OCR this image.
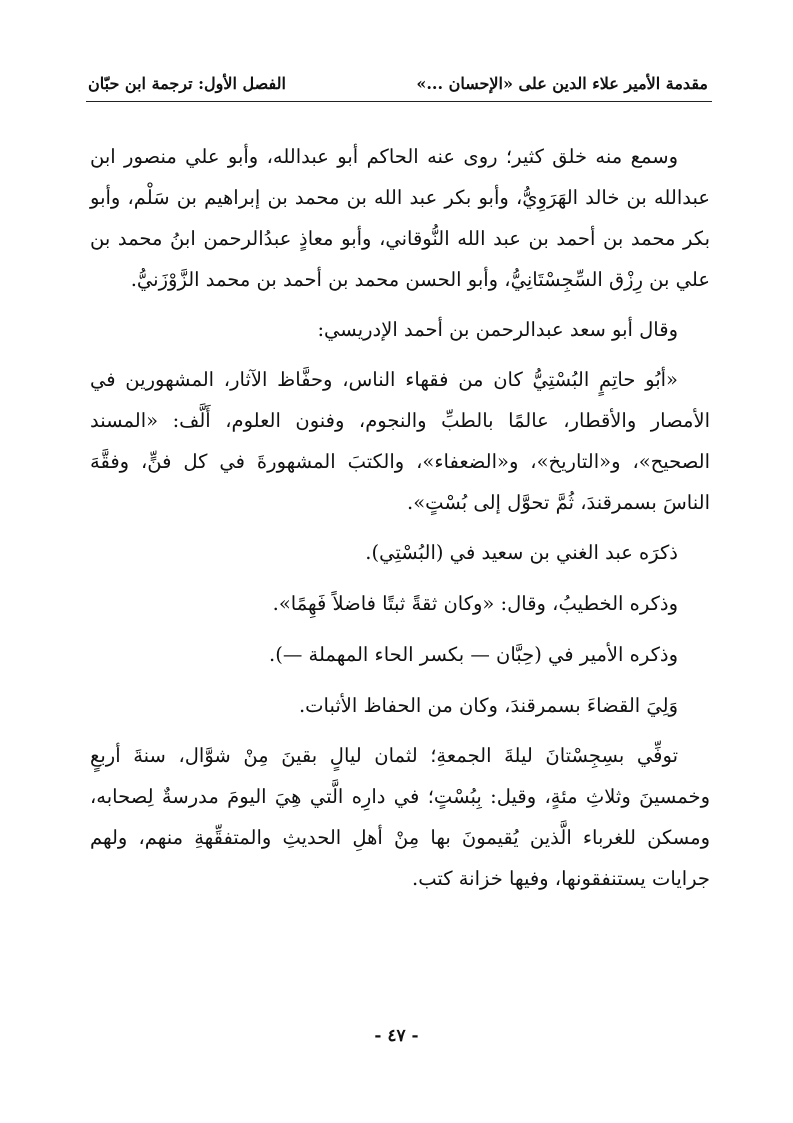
مقدمة الأمير علاء الدين على «الإحسان ...»
الفصل الأول: ترجمة ابن حبّان

وسمع منه خلق كثير؛ روى عنه الحاكم أبو عبدالله، وأبو علي منصور ابن عبدالله بن خالد الهَرَوِيُّ، وأبو بكر عبد الله بن محمد بن إبراهيم بن سَلْم، وأبو بكر محمد بن أحمد بن عبد الله النُّوقاني، وأبو معاذٍ عبدُالرحمن ابنُ محمد بن علي بن رِزْق السِّجِسْتَانِيُّ، وأبو الحسن محمد بن أحمد بن محمد الزَّوْزَنيُّ.

وقال أبو سعد عبدالرحمن بن أحمد الإدريسي:

«أبُو حاتِمٍ البُسْتِيُّ كان من فقهاء الناس، وحفَّاظ الآثار، المشهورين في الأمصار والأقطار، عالمًا بالطبِّ والنجوم، وفنون العلوم، أَلَّف: «المسند الصحيح»، و«التاريخ»، و«الضعفاء»، والكتبَ المشهورةَ في كل فنٍّ، وفقَّهَ الناسَ بسمرقندَ، ثُمَّ تحوَّل إلى بُسْتٍ».

ذكرَه عبد الغني بن سعيد في (البُسْتِي).

وذكره الخطيبُ، وقال: «وكان ثقةً ثبتًا فاضلاً فَهِمًا».

وذكره الأمير في (حِبَّان — بكسر الحاء المهملة —).

وَلِيَ القضاءَ بسمرقندَ، وكان من الحفاظ الأثبات.

توفِّي بسِجِسْتانَ ليلةَ الجمعةِ؛ لثمان ليالٍ بقينَ مِنْ شوَّال، سنةَ أربعٍ وخمسينَ وثلاثِ مئةٍ، وقيل: بِبُسْتٍ؛ في دارِه الَّتي هِيَ اليومَ مدرسةٌ لِصحابه، ومسكن للغرباء الَّذين يُقيمونَ بها مِنْ أهلِ الحديثِ والمتفقِّهةِ منهم، ولهم جرايات يستنفقونها، وفيها خزانة كتب.

- ٤٧ -
